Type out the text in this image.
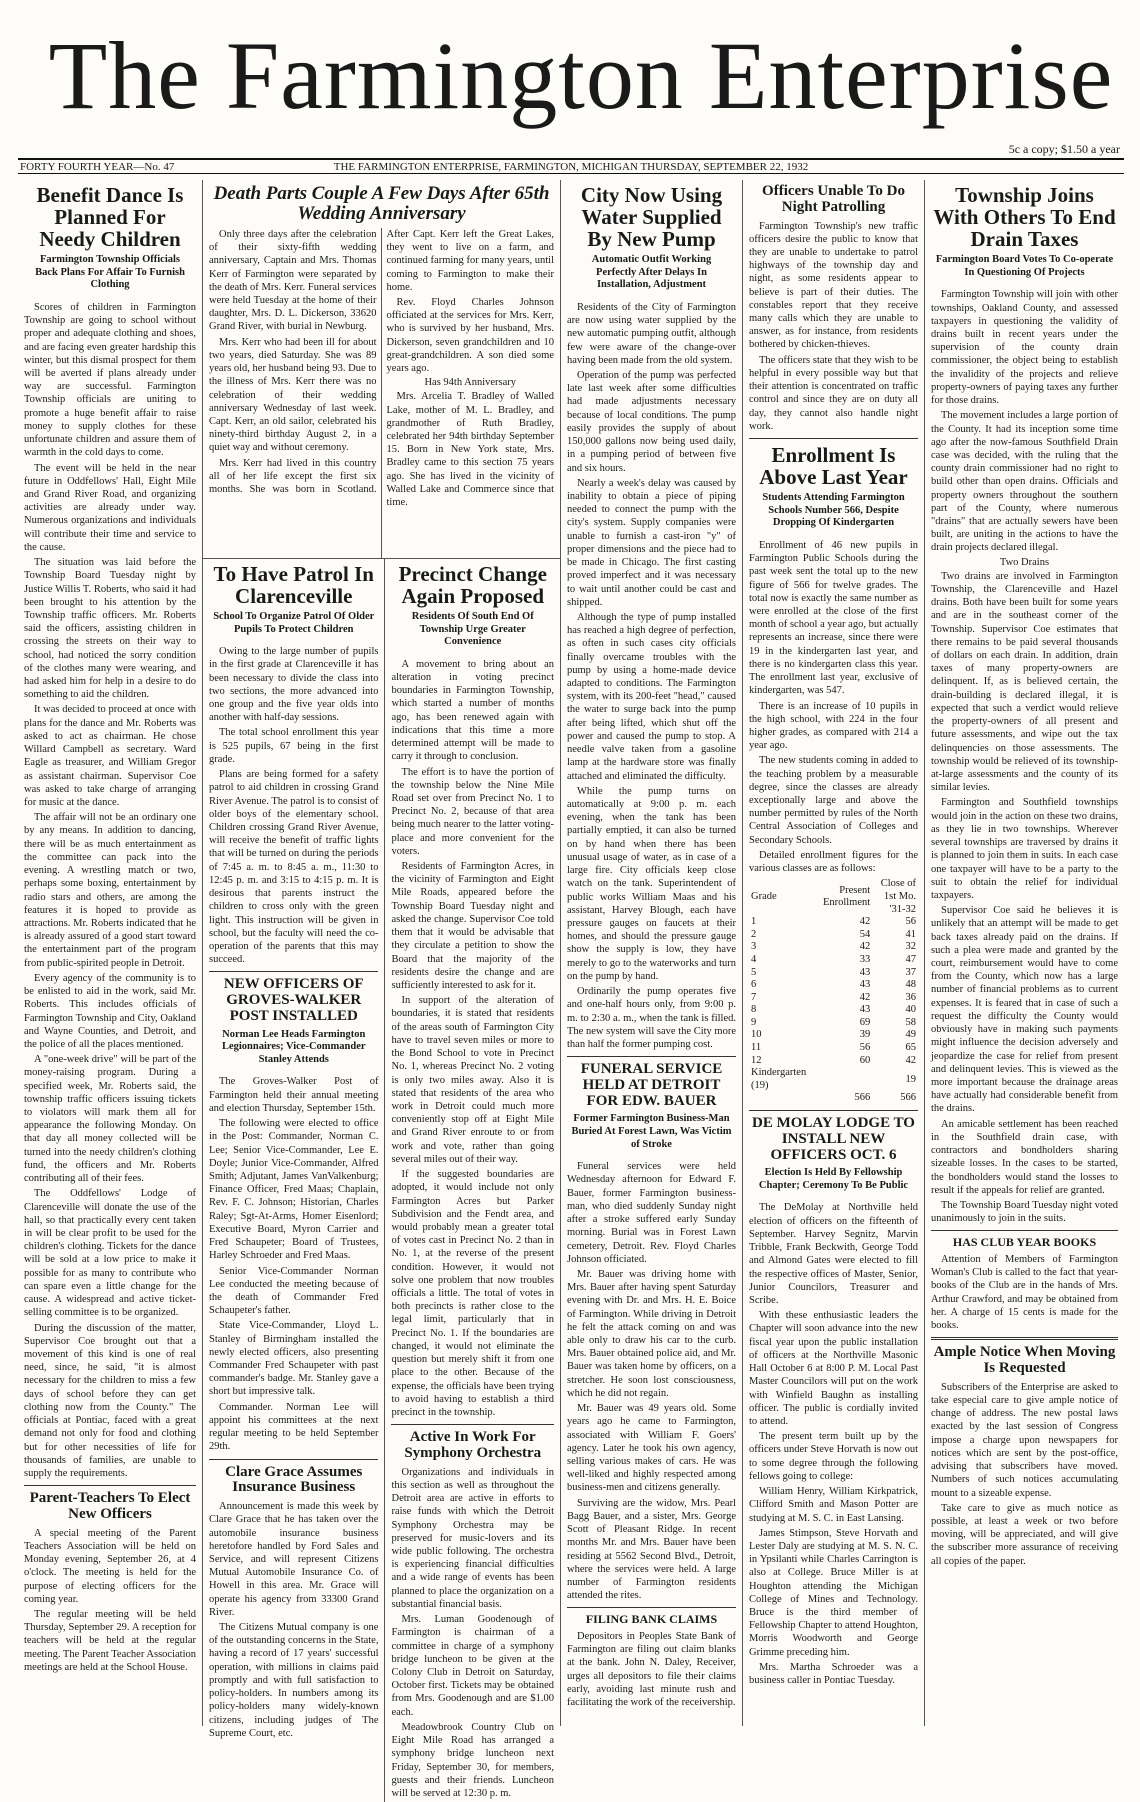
The Farmington Enterprise
5c a copy; $1.50 a year
FORTY FOURTH YEAR—No. 47	THE FARMINGTON ENTERPRISE, FARMINGTON, MICHIGAN THURSDAY, SEPTEMBER 22, 1932
Benefit Dance Is Planned For Needy Children
Farmington Township Officials Back Plans For Affair To Furnish Clothing

Scores of children in Farmington Township are going to school without proper and adequate clothing and shoes, and are facing even greater hardship this winter, but this dismal prospect for them will be averted if plans already under way are successful. Farmington Township officials are uniting to promote a huge benefit affair to raise money to supply clothes for these unfortunate children and assure them of warmth in the cold days to come.

The event will be held in the near future in Oddfellows' Hall, Eight Mile and Grand River Road, and organizing activities are already under way. Numerous organizations and individuals will contribute their time and service to the cause.

The situation was laid before the Township Board Tuesday night by Justice Willis T. Roberts, who said it had been brought to his attention by the Township traffic officers. Mr. Roberts said the officers, assisting children in crossing the streets on their way to school, had noticed the sorry condition of the clothes many were wearing, and had asked him for help in a desire to do something to aid the children.

It was decided to proceed at once with plans for the dance and Mr. Roberts was asked to act as chairman. He chose Willard Campbell as secretary. Ward Eagle as treasurer, and William Gregor as assistant chairman. Supervisor Coe was asked to take charge of arranging for music at the dance.

The affair will not be an ordinary one by any means. In addition to dancing, there will be as much entertainment as the committee can pack into the evening. A wrestling match or two, perhaps some boxing, entertainment by radio stars and others, are among the features it is hoped to provide as attractions. Mr. Roberts indicated that he is already assured of a good start toward the entertainment part of the program from public-spirited people in Detroit.

Every agency of the community is to be enlisted to aid in the work, said Mr. Roberts. This includes officials of Farmington Township and City, Oakland and Wayne Counties, and Detroit, and the police of all the places mentioned.

A "one-week drive" will be part of the money-raising program. During a specified week, Mr. Roberts said, the township traffic officers issuing tickets to violators will mark them all for appearance the following Monday. On that day all money collected will be turned into the needy children's clothing fund, the officers and Mr. Roberts contributing all of their fees.

The Oddfellows' Lodge of Clarenceville will donate the use of the hall, so that practically every cent taken in will be clear profit to be used for the children's clothing. Tickets for the dance will be sold at a low price to make it possible for as many to contribute who can spare even a little change for the cause. A widespread and active ticket-selling committee is to be organized.

During the discussion of the matter, Supervisor Coe brought out that a movement of this kind is one of real need, since, he said, "it is almost necessary for the children to miss a few days of school before they can get clothing now from the County." The officials at Pontiac, faced with a great demand not only for food and clothing but for other necessities of life for thousands of families, are unable to supply the requirements.

Parent-Teachers To Elect New Officers

A special meeting of the Parent Teachers Association will be held on Monday evening, September 26, at 4 o'clock. The meeting is held for the purpose of electing officers for the coming year.

The regular meeting will be held Thursday, September 29. A reception for teachers will be held at the regular meeting. The Parent Teacher Association meetings are held at the School House.

Death Parts Couple A Few Days After 65th Wedding Anniversary

Only three days after the celebration of their sixty-fifth wedding anniversary, Captain and Mrs. Thomas Kerr of Farmington were separated by the death of Mrs. Kerr. Funeral services were held Tuesday at the home of their daughter, Mrs. D. L. Dickerson, 33620 Grand River, with burial in Newburg.

Mrs. Kerr who had been ill for about two years, died Saturday. She was 89 years old, her husband being 93. Due to the illness of Mrs. Kerr there was no celebration of their wedding anniversary Wednesday of last week. Capt. Kerr, an old sailor, celebrated his ninety-third birthday August 2, in a quiet way and without ceremony.

Mrs. Kerr had lived in this country all of her life except the first six months. She was born in Scotland. After Capt. Kerr left the Great Lakes, they went to live on a farm, and continued farming for many years, until coming to Farmington to make their home.

Rev. Floyd Charles Johnson officiated at the services for Mrs. Kerr, who is survived by her husband, Mrs. Dickerson, seven grandchildren and 10 great-grandchildren. A son died some years ago.

Has 94th Anniversary

Mrs. Arcelia T. Bradley of Walled Lake, mother of M. L. Bradley, and grandmother of Ruth Bradley, celebrated her 94th birthday September 15. Born in New York state, Mrs. Bradley came to this section 75 years ago. She has lived in the vicinity of Walled Lake and Commerce since that time.

To Have Patrol In Clarenceville
School To Organize Patrol Of Older Pupils To Protect Children

Owing to the large number of pupils in the first grade at Clarenceville it has been necessary to divide the class into two sections, the more advanced into one group and the five year olds into another with half-day sessions.

The total school enrollment this year is 525 pupils, 67 being in the first grade.

Plans are being formed for a safety patrol to aid children in crossing Grand River Avenue. The patrol is to consist of older boys of the elementary school. Children crossing Grand River Avenue, will receive the benefit of traffic lights that will be turned on during the periods of 7:45 a. m. to 8:45 a. m., 11:30 to 12:45 p. m. and 3:15 to 4:15 p. m. It is desirous that parents instruct the children to cross only with the green light. This instruction will be given in school, but the faculty will need the co-operation of the parents that this may succeed.

NEW OFFICERS OF GROVES-WALKER POST INSTALLED
Norman Lee Heads Farmington Legionnaires; Vice-Commander Stanley Attends

The Groves-Walker Post of Farmington held their annual meeting and election Thursday, September 15th.

The following were elected to office in the Post: Commander, Norman C. Lee; Senior Vice-Commander, Lee E. Doyle; Junior Vice-Commander, Alfred Smith; Adjutant, James VanValkenburg; Finance Officer, Fred Maas; Chaplain, Rev. F. C. Johnson; Historian, Charles Raley; Sgt-At-Arms, Homer Eisenlord; Executive Board, Myron Carrier and Fred Schaupeter; Board of Trustees, Harley Schroeder and Fred Maas.

Senior Vice-Commander Norman Lee conducted the meeting because of the death of Commander Fred Schaupeter's father.

State Vice-Commander, Lloyd L. Stanley of Birmingham installed the newly elected officers, also presenting Commander Fred Schaupeter with past commander's badge. Mr. Stanley gave a short but impressive talk.

Commander. Norman Lee will appoint his committees at the next regular meeting to be held September 29th.

Clare Grace Assumes Insurance Business

Announcement is made this week by Clare Grace that he has taken over the automobile insurance business heretofore handled by Ford Sales and Service, and will represent Citizens Mutual Automobile Insurance Co. of Howell in this area. Mr. Grace will operate his agency from 33300 Grand River.

The Citizens Mutual company is one of the outstanding concerns in the State, having a record of 17 years' successful operation, with millions in claims paid promptly and with full satisfaction to policy-holders. In numbers among its policy-holders many widely-known citizens, including judges of The Supreme Court, etc.

Precinct Change Again Proposed
Residents Of South End Of Township Urge Greater Convenience

A movement to bring about an alteration in voting precinct boundaries in Farmington Township, which started a number of months ago, has been renewed again with indications that this time a more determined attempt will be made to carry it through to conclusion.

The effort is to have the portion of the township below the Nine Mile Road set over from Precinct No. 1 to Precinct No. 2, because of that area being much nearer to the latter voting-place and more convenient for the voters.

Residents of Farmington Acres, in the vicinity of Farmington and Eight Mile Roads, appeared before the Township Board Tuesday night and asked the change. Supervisor Coe told them that it would be advisable that they circulate a petition to show the Board that the majority of the residents desire the change and are sufficiently interested to ask for it.

In support of the alteration of boundaries, it is stated that residents of the areas south of Farmington City have to travel seven miles or more to the Bond School to vote in Precinct No. 1, whereas Precinct No. 2 voting is only two miles away. Also it is stated that residents of the area who work in Detroit could much more conveniently stop off at Eight Mile and Grand River enroute to or from work and vote, rather than going several miles out of their way.

If the suggested boundaries are adopted, it would include not only Farmington Acres but Parker Subdivision and the Fendt area, and would probably mean a greater total of votes cast in Precinct No. 2 than in No. 1, at the reverse of the present condition. However, it would not solve one problem that now troubles officials a little. The total of votes in both precincts is rather close to the legal limit, particularly that in Precinct No. 1. If the boundaries are changed, it would not eliminate the question but merely shift it from one place to the other. Because of the expense, the officials have been trying to avoid having to establish a third precinct in the township.

Active In Work For Symphony Orchestra

Organizations and individuals in this section as well as throughout the Detroit area are active in efforts to raise funds with which the Detroit Symphony Orchestra may be preserved for music-lovers and its wide public following. The orchestra is experiencing financial difficulties and a wide range of events has been planned to place the organization on a substantial financial basis.

Mrs. Luman Goodenough of Farmington is chairman of a committee in charge of a symphony bridge luncheon to be given at the Colony Club in Detroit on Saturday, October first. Tickets may be obtained from Mrs. Goodenough and are $1.00 each.

Meadowbrook Country Club on Eight Mile Road has arranged a symphony bridge luncheon next Friday, September 30, for members, guests and their friends. Luncheon will be served at 12:30 p. m.

City Now Using Water Supplied By New Pump
Automatic Outfit Working Perfectly After Delays In Installation, Adjustment

Residents of the City of Farmington are now using water supplied by the new automatic pumping outfit, although few were aware of the change-over having been made from the old system.

Operation of the pump was perfected late last week after some difficulties had made adjustments necessary because of local conditions. The pump easily provides the supply of about 150,000 gallons now being used daily, in a pumping period of between five and six hours.

Nearly a week's delay was caused by inability to obtain a piece of piping needed to connect the pump with the city's system. Supply companies were unable to furnish a cast-iron "y" of proper dimensions and the piece had to be made in Chicago. The first casting proved imperfect and it was necessary to wait until another could be cast and shipped.

Although the type of pump installed has reached a high degree of perfection, as often in such cases city officials finally overcame troubles with the pump by using a home-made device adapted to conditions. The Farmington system, with its 200-feet "head," caused the water to surge back into the pump after being lifted, which shut off the power and caused the pump to stop. A needle valve taken from a gasoline lamp at the hardware store was finally attached and eliminated the difficulty.

While the pump turns on automatically at 9:00 p. m. each evening, when the tank has been partially emptied, it can also be turned on by hand when there has been unusual usage of water, as in case of a large fire. City officials keep close watch on the tank. Superintendent of public works William Maas and his assistant, Harvey Blough, each have pressure gauges on faucets at their homes, and should the pressure gauge show the supply is low, they have merely to go to the waterworks and turn on the pump by hand.

Ordinarily the pump operates five and one-half hours only, from 9:00 p. m. to 2:30 a. m., when the tank is filled. The new system will save the City more than half the former pumping cost.

FUNERAL SERVICE HELD AT DETROIT FOR EDW. BAUER
Former Farmington Business-Man Buried At Forest Lawn, Was Victim of Stroke

Funeral services were held Wednesday afternoon for Edward F. Bauer, former Farmington business-man, who died suddenly Sunday night after a stroke suffered early Sunday morning. Burial was in Forest Lawn cemetery, Detroit. Rev. Floyd Charles Johnson officiated.

Mr. Bauer was driving home with Mrs. Bauer after having spent Saturday evening with Dr. and Mrs. H. E. Boice of Farmington. While driving in Detroit he felt the attack coming on and was able only to draw his car to the curb. Mrs. Bauer obtained police aid, and Mr. Bauer was taken home by officers, on a stretcher. He soon lost consciousness, which he did not regain.

Mr. Bauer was 49 years old. Some years ago he came to Farmington, associated with William F. Goers' agency. Later he took his own agency, selling various makes of cars. He was well-liked and highly respected among business-men and citizens generally.

Surviving are the widow, Mrs. Pearl Bagg Bauer, and a sister, Mrs. George Scott of Pleasant Ridge. In recent months Mr. and Mrs. Bauer have been residing at 5562 Second Blvd., Detroit, where the services were held. A large number of Farmington residents attended the rites.

FILING BANK CLAIMS

Depositors in Peoples State Bank of Farmington are filing out claim blanks at the bank. John N. Daley, Receiver, urges all depositors to file their claims early, avoiding last minute rush and facilitating the work of the receivership.

Officers Unable To Do Night Patrolling

Farmington Township's new traffic officers desire the public to know that they are unable to undertake to patrol highways of the township day and night, as some residents appear to believe is part of their duties. The constables report that they receive many calls which they are unable to answer, as for instance, from residents bothered by chicken-thieves.

The officers state that they wish to be helpful in every possible way but that their attention is concentrated on traffic control and since they are on duty all day, they cannot also handle night work.

Enrollment Is Above Last Year
Students Attending Farmington Schools Number 566, Despite Dropping Of Kindergarten

Enrollment of 46 new pupils in Farmington Public Schools during the past week sent the total up to the new figure of 566 for twelve grades. The total now is exactly the same number as were enrolled at the close of the first month of school a year ago, but actually represents an increase, since there were 19 in the kindergarten last year, and there is no kindergarten class this year. The enrollment last year, exclusive of kindergarten, was 547.

There is an increase of 10 pupils in the high school, with 224 in the four higher grades, as compared with 214 a year ago.

The new students coming in added to the teaching problem by a measurable degree, since the classes are already exceptionally large and above the number permitted by rules of the North Central Association of Colleges and Secondary Schools.

Detailed enrollment figures for the various classes are as follows:

Grade	Present Enrollment	Close of 1st Mo. '31-32
1	42	56
2	54	41
3	42	32
4	33	47
5	43	37
6	43	48
7	42	36
8	43	40
9	69	58
10	39	49
11	56	65
12	60	42
Kindergarten (19)		19
	566	566
DE MOLAY LODGE TO INSTALL NEW OFFICERS OCT. 6
Election Is Held By Fellowship Chapter; Ceremony To Be Public

The DeMolay at Northville held election of officers on the fifteenth of September. Harvey Segnitz, Marvin Tribble, Frank Beckwith, George Todd and Almond Gates were elected to fill the respective offices of Master, Senior, Junior Councilors, Treasurer and Scribe.

With these enthusiastic leaders the Chapter will soon advance into the new fiscal year upon the public installation of officers at the Northville Masonic Hall October 6 at 8:00 P. M. Local Past Master Councilors will put on the work with Winfield Baughn as installing officer. The public is cordially invited to attend.

The present term built up by the officers under Steve Horvath is now out to some degree through the following fellows going to college:

William Henry, William Kirkpatrick, Clifford Smith and Mason Potter are studying at M. S. C. in East Lansing.

James Stimpson, Steve Horvath and Lester Daly are studying at M. S. N. C. in Ypsilanti while Charles Carrington is also at College. Bruce Miller is at Houghton attending the Michigan College of Mines and Technology. Bruce is the third member of Fellowship Chapter to attend Houghton, Morris Woodworth and George Grimme preceding him.

Mrs. Martha Schroeder was a business caller in Pontiac Tuesday.

Township Joins With Others To End Drain Taxes
Farmington Board Votes To Co-operate In Questioning Of Projects

Farmington Township will join with other townships, Oakland County, and assessed taxpayers in questioning the validity of drains built in recent years under the supervision of the county drain commissioner, the object being to establish the invalidity of the projects and relieve property-owners of paying taxes any further for those drains.

The movement includes a large portion of the County. It had its inception some time ago after the now-famous Southfield Drain case was decided, with the ruling that the county drain commissioner had no right to build other than open drains. Officials and property owners throughout the southern part of the County, where numerous "drains" that are actually sewers have been built, are uniting in the actions to have the drain projects declared illegal.

Two Drains

Two drains are involved in Farmington Township, the Clarenceville and Hazel drains. Both have been built for some years and are in the southeast corner of the Township. Supervisor Coe estimates that there remains to be paid several thousands of dollars on each drain. In addition, drain taxes of many property-owners are delinquent. If, as is believed certain, the drain-building is declared illegal, it is expected that such a verdict would relieve the property-owners of all present and future assessments, and wipe out the tax delinquencies on those assessments. The township would be relieved of its township-at-large assessments and the county of its similar levies.

Farmington and Southfield townships would join in the action on these two drains, as they lie in two townships. Wherever several townships are traversed by drains it is planned to join them in suits. In each case one taxpayer will have to be a party to the suit to obtain the relief for individual taxpayers.

Supervisor Coe said he believes it is unlikely that an attempt will be made to get back taxes already paid on the drains. If such a plea were made and granted by the court, reimbursement would have to come from the County, which now has a large number of financial problems as to current expenses. It is feared that in case of such a request the difficulty the County would obviously have in making such payments might influence the decision adversely and jeopardize the case for relief from present and delinquent levies. This is viewed as the more important because the drainage areas have actually had considerable benefit from the drains.

An amicable settlement has been reached in the Southfield drain case, with contractors and bondholders sharing sizeable losses. In the cases to be started, the bondholders would stand the losses to result if the appeals for relief are granted.

The Township Board Tuesday night voted unanimously to join in the suits.

HAS CLUB YEAR BOOKS

Attention of Members of Farmington Woman's Club is called to the fact that year-books of the Club are in the hands of Mrs. Arthur Crawford, and may be obtained from her. A charge of 15 cents is made for the books.

Ample Notice When Moving Is Requested

Subscribers of the Enterprise are asked to take especial care to give ample notice of change of address. The new postal laws exacted by the last session of Congress impose a charge upon newspapers for notices which are sent by the post-office, advising that subscribers have moved. Numbers of such notices accumulating mount to a sizeable expense.

Take care to give as much notice as possible, at least a week or two before moving, will be appreciated, and will give the subscriber more assurance of receiving all copies of the paper.
